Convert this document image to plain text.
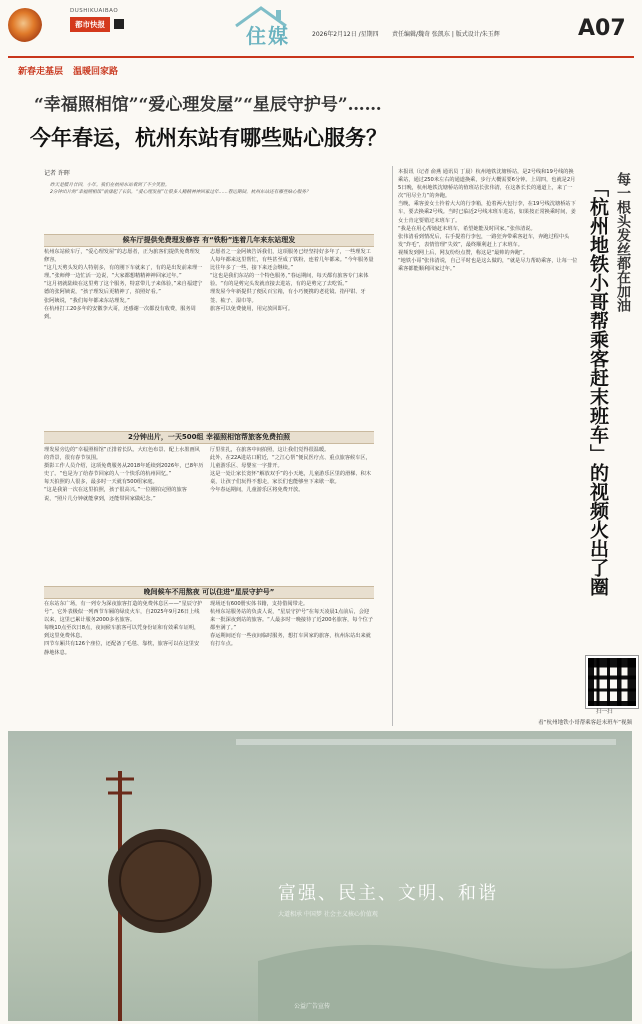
DUSHIKUAIBAO
都市快报	住媒	2026年2月12日 /星期四 责任编辑/魏奇 张凯东 | 版式设计/朱玉辉	A07
新春走基层 温暖回家路
“幸福照相馆”“爱心理发屋”“星辰守护号”……
今年春运，杭州东站有哪些贴心服务？
记者 许晖
昨天是腊月廿四，小年。我们在杭州东站看到了不少笑脸。
2分钟出片的“幸福照相馆”前排起了长队，“爱心理发屋”让很多人精精神神回家过年……春运期间，杭州东站还有哪些贴心服务？
候车厅提供免费理发修容 有“铁粉”连着几年来东站理发
杭州东站候车厅，“爱心理发屋”的志愿者，正为旅客们提供免费理发修容。
“这几天剪头发的人特别多，有的刚下车就来了，有的是出发前来理一理。”张师傅一边忙活一边说，“大家都想精精神神回家过年。”
“这月初就陆续在这里剪了这个服务，特意带儿子来体验，”来自福建宁德的张阿姨说，“孩子理发后更精神了，拍照好看。”
张阿姨说，“我们每年都来东站理发。”
在杭州打工20多年的安徽李大哥，还感谢一次都没有收费，服务周到。
志愿者之一金阿姨告诉我们，这项服务已经坚持好多年了，一些理发工人每年都来这里帮忙，有些甚至成了铁粉，连着几年都来。“今年服务量比往年多了一些，接下来还会继续。”
“这也是我们东站的一个特色服务，”春运期间，每天都有旅客专门来体验。“有的是剪完头发就直接去进站，有的是剪完了去吃饭。”
理发屋今年新提供了便民百宝箱，有小巧便携的老花镜、指甲钳、牙签、梳子、湿巾等。
旅客可以免费使用，用完放回即可。
2分钟出片，一天500组 幸福照相馆帮旅客免费拍照
理发屋旁边的“幸福照相馆”正排着长队。大红色布景、配上水墨画风的背景，很有春节氛围。
摄影工作人员介绍，这项免费服务从2018年延续到2026年，已8年历史了。“也是为了给春节回家的人一个快乐的杭州回忆。”
每天拍照的人很多，最多时一天就有500组家庭。
“这是我第一次在这里拍照，孩子很高兴。”一位刚拍完照的旅客说，“照片几分钟就能拿到，还能带回家做纪念。”
厅里驻扎，在旅客中间拍照，这让我们觉得很温暖。
此外，在22A进站口附近，“之江心帮”便民医疗点、重点旅客候车区，儿童游乐区、母婴室一字排开。
这是一处让家长宽怀“解放双手”的小天地，儿童游乐区里的滑梯、积木桌，让孩子们玩得不想走，家长们也能够坐下来歇一歇。
今年春运期间，儿童游乐区将免费开放。
晚间候车不用熬夜 可以住进“星辰守护号”
在东站东广场，有一列专为深夜旅客打造的免费休息区——“星辰守护号”。它外表极似一列西节车厢的绿皮火车，自2025年9月26日上线以来，这里已累计服务2000多名旅客。
每晚10点至次日8点，夜间候车旅客可以凭身份证和有效乘车证明，到这里免费休息。
四节车厢共有126个座位，还配备了毛毯、靠枕，旅客可以在这里安静地休息。
现场还有600册实体书籍，支持借阅带走。
杭州东站服务站的负责人说，“星辰守护号”在每天凌晨1点前后，会迎来一批深夜到站的旅客。“人最多时一晚接待了近200名旅客，每个位子都坐满了。”
春运期间还有一些夜间临时服务，想打车回家的旅客，杭州东站出来就有打车点。
本报讯（记者 俞燕 通讯员 丁晨）杭州地铁沈塘桥站，是2号线和19号线的换乘站，通过250米左右的通道换乘，步行大概需要6分钟。上周四，也就是2月5日晚，杭州地铁沈塘桥站的值班站长张伟清，在这条长长的通道上，来了一次“用尽全力”的奔跑。
当晚，乘客姜女士拎着大大的行李箱，抢着两大包行李，在19号线沈塘桥站下车，要去换乘2号线。当时已临近2号线末班车进站，如果按正常换乘时间，姜女士肯定要错过末班车了。
“我是在用心帮她赶末班车，希望她能及时回家。”张伟清说。
张伟清看到情况后，右手提着行李包，一路狂奔带乘客赶车，奔跑过程中头发“炸毛”，表情管理“失效”，最终顺利赶上了末班车。
视频发到网上后，网友纷纷点赞，称这是“最帅的奔跑”。
“地铁小哥”张伟清说，自己平时也是这么做的，“就是尽力帮助乘客，让每一位乘客都能顺利回家过年。”	每一根头发丝都在加油
「杭州地铁小哥帮乘客赶末班车」的视频火出了圈
扫一扫
看“杭州地铁小哥帮乘客赶末班车”视频
富强、民主、文明、和谐
大道相承 中国梦 社会主义核心价值观
公益广告宣传
